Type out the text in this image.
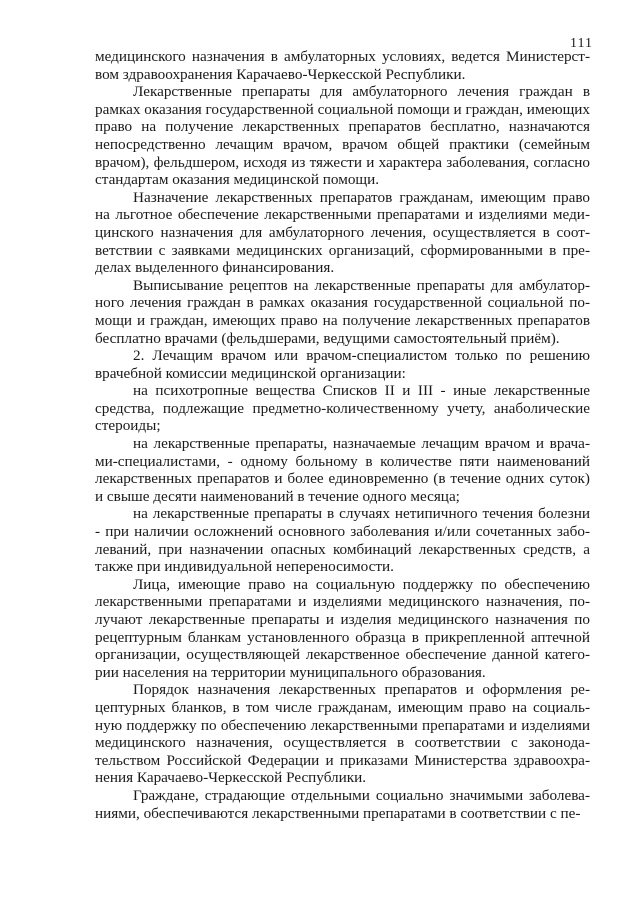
111

медицинского назначения в амбулаторных условиях, ведется Министерством здравоохранения Карачаево-Черкесской Республики.

Лекарственные препараты для амбулаторного лечения граждан в рамках оказания государственной социальной помощи и граждан, имеющих право на получение лекарственных препаратов бесплатно, назначаются непосредственно лечащим врачом, врачом общей практики (семейным врачом), фельдшером, исходя из тяжести и характера заболевания, согласно стандартам оказания медицинской помощи.

Назначение лекарственных препаратов гражданам, имеющим право на льготное обеспечение лекарственными препаратами и изделиями медицинского назначения для амбулаторного лечения, осуществляется в соответствии с заявками медицинских организаций, сформированными в пределах выделенного финансирования.

Выписывание рецептов на лекарственные препараты для амбулаторного лечения граждан в рамках оказания государственной социальной помощи и граждан, имеющих право на получение лекарственных препаратов бесплатно врачами (фельдшерами, ведущими самостоятельный приём).

2. Лечащим врачом или врачом-специалистом только по решению врачебной комиссии медицинской организации:

на психотропные вещества Списков II и III - иные лекарственные средства, подлежащие предметно-количественному учету, анаболические стероиды;

на лекарственные препараты, назначаемые лечащим врачом и врачами-специалистами, - одному больному в количестве пяти наименований лекарственных препаратов и более единовременно (в течение одних суток) и свыше десяти наименований в течение одного месяца;

на лекарственные препараты в случаях нетипичного течения болезни - при наличии осложнений основного заболевания и/или сочетанных заболеваний, при назначении опасных комбинаций лекарственных средств, а также при индивидуальной непереносимости.

Лица, имеющие право на социальную поддержку по обеспечению лекарственными препаратами и изделиями медицинского назначения, получают лекарственные препараты и изделия медицинского назначения по рецептурным бланкам установленного образца в прикрепленной аптечной организации, осуществляющей лекарственное обеспечение данной категории населения на территории муниципального образования.

Порядок назначения лекарственных препаратов и оформления рецептурных бланков, в том числе гражданам, имеющим право на социальную поддержку по обеспечению лекарственными препаратами и изделиями медицинского назначения, осуществляется в соответствии с законодательством Российской Федерации и приказами Министерства здравоохранения Карачаево-Черкесской Республики.

Граждане, страдающие отдельными социально значимыми заболеваниями, обеспечиваются лекарственными препаратами в соответствии с пе-
